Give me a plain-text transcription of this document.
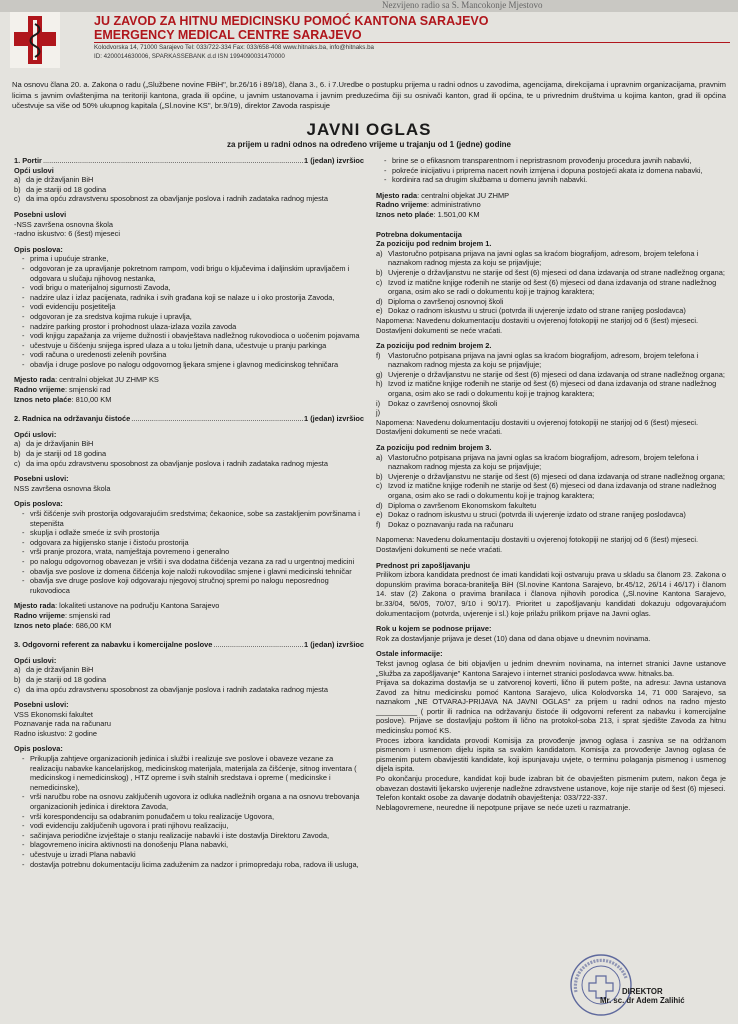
Nezvijeno radio sa S. Mancokonje Mjestovo
JU ZAVOD ZA HITNU MEDICINSKU POMOĆ KANTONA SARAJEVO
EMERGENCY MEDICAL CENTRE SARAJEVO
Kolodvorska 14, 71000 Sarajevo Tel: 033/722-334 Fax: 033/658-408 www.hitnaks.ba, info@hitnaks.ba
ID: 4200014630006, SPARKASSEBANK d.d ISN 1994090031470000
Na osnovu člana 20. a. Zakona o radu („Službene novine FBiH", br.26/16 i 89/18), člana 3., 6. i 7.Uredbe o postupku prijema u radni odnos u zavodima, agencijama, direkcijama i upravnim organizacijama, pravnim licima s javnim ovlaštenjima na teritoriji kantona, grada ili općine, u javnim ustanovama i javnim preduzećima čiji su osnivači kanton, grad ili općina, te u privrednim društvima u kojima kanton, grad ili općina učestvuje sa više od 50% ukupnog kapitala („Sl.novine KS", br.9/19), direktor Zavoda raspisuje
JAVNI OGLAS
za prijem u radni odnos na određeno vrijeme u trajanju od 1 (jedne) godine
1. Portir .....	1 (jedan) izvršioc

Opći uslovi

a) da je državljanin BiH
b) da je stariji od 18 godina
c) da ima opću zdravstvenu sposobnost za obavljanje poslova i radnih zadataka radnog mjesta

Posebni uslovi

-NSS završena osnovna škola

-radno iskustvo: 6 (šest) mjeseci

Opis poslova:

- prima i upućuje stranke,
- odgovoran je za upravljanje pokretnom rampom, vodi brigu o ključevima i daljinskim upravljačem i odgovara u slučaju njihovog nestanka,
- vodi brigu o materijalnoj sigurnosti Zavoda,
- nadzire ulaz i izlaz pacijenata, radnika i svih građana koji se nalaze u i oko prostorija Zavoda,
- vodi evidenciju posjetitelja
- odgovoran je za sredstva kojima rukuje i upravlja,
- nadzire parking prostor i prohodnost ulaza-izlaza vozila zavoda
- vodi knjigu zapažanja za vrijeme dužnosti i obavještava nadležnog rukovodioca o uočenim pojavama
- učestvuje u čišćenju snijega ispred ulaza a u toku ljetnih dana, učestvuje u pranju parkinga
- vodi računa o uredenosti zelenih površina
- obavlja i druge poslove po nalogu odgovornog ljekara smjene i glavnog medicinskog tehničara

Mjesto rada: centralni objekat JU ZHMP KS

Radno vrijeme: smjenski rad

Iznos neto plaće: 810,00 KM

2. Radnica na održavanju čistoće .....	1 (jedan) izvršioc

Opći uslovi:

a) da je državljanin BiH
b) da je stariji od 18 godina
c) da ima opću zdravstvenu sposobnost za obavljanje poslova i radnih zadataka radnog mjesta

Posebni uslovi:

NSS završena osnovna škola

Opis poslova:

- vrši čišćenje svih prostorija odgovarajućim sredstvima; čekaonice, sobe sa zastakljenim površinama i stepeništa
- skuplja i odlaže smeće iz svih prostorija
- odgovara za higijensko stanje i čistoću prostorija
- vrši pranje prozora, vrata, namještaja povremeno i generalno
- po nalogu odgovornog obavezan je vršiti i sva dodatna čišćenja vezana za rad u urgentnoj medicini
- obavlja sve poslove iz domena čišćenja koje naloži rukovodilac smjene i glavni medicinski tehničar
- obavlja sve druge poslove koji odgovaraju njegovoj stručnoj spremi po nalogu neposrednog rukovodioca

Mjesto rada: lokaliteti ustanove na području Kantona Sarajevo

Radno vrijeme: smjenski rad

Iznos neto plaće: 686,00 KM

3. Odgovorni referent za nabavku i komercijalne poslove .....	1 (jedan) izvršioc

Opći uslovi:

a) da je državljanin BiH
b) da je stariji od 18 godina
c) da ima opću zdravstvenu sposobnost za obavljanje poslova i radnih zadataka radnog mjesta

Posebni uslovi:

VSS Ekonomski fakultet

Poznavanje rada na računaru

Radno iskustvo: 2 godine

Opis poslova:

- Prikuplja zahtjeve organizacionih jedinica i službi i realizuje sve poslove i obaveze vezane za realizaciju nabavke kancelarijskog, medicinskog materijala, materijala za čišćenje, sitnog inventara ( medicinskog i nemedicinskog) , HTZ opreme i svih stalnih sredstava i opreme ( medicinske i nemedicinske),
- vrši naručbu robe na osnovu zaključenih ugovora iz odluka nadležnih organa a na osnovu trebovanja organizacionih jedinica i direktora Zavoda,
- vrši korespondenciju sa odabranim ponuđačem u toku realizacije Ugovora,
- vodi evidenciju zaključenih ugovora i prati njihovu realizaciju,
- sačinjava periodične izvještaje o stanju realizacije nabavki i iste dostavlja Direktoru Zavoda,
- blagovremeno inicira aktivnosti na donošenju Plana nabavki,
- učestvuje u izradi Plana nabavki
- dostavlja potrebnu dokumentaciju licima zaduženim za nadzor i primopredaju roba, radova ili usluga,
- brine se o efikasnom transparentnom i nepristrasnom provođenju procedura javnih nabavki,
- pokreće inicijativu i priprema nacert novih izmjena i dopuna postojeći akata iz domena nabavki,
- kordinira rad sa drugim službama u domenu javnih nabavki.

Mjesto rada: centralni objekat JU ZHMP

Radno vrijeme: administrativno

Iznos neto plaće: 1.501,00 KM

Potrebna dokumentacija

Za poziciju pod rednim brojem 1.

a) Vlastoručno potpisana prijava na javni oglas sa kraćom biografijom, adresom, brojem telefona i naznakom radnog mjesta za koju se prijavljuje;
b) Uvjerenje o državljanstvu ne starije od šest (6) mjeseci od dana izdavanja od strane nadležnog organa;
c) Izvod iz matične knjige rođenih ne starije od šest (6) mjeseci od dana izdavanja od strane nadležnog organa, osim ako se radi o dokumentu koji je trajnog karaktera;
d) Diploma o završenoj osnovnoj školi
e) Dokaz o radnom iskustvu u struci (potvrda ili uvjerenje izdato od strane ranijeg poslodavca)

Napomena: Navedenu dokumentaciju dostaviti u ovjerenoj fotokopiji ne starijoj od 6 (šest) mjeseci. Dostavljeni dokumenti se neće vraćati.

Za poziciju pod rednim brojem 2.

f) Vlastoručno potpisana prijava na javni oglas sa kraćom biografijom, adresom, brojem telefona i naznakom radnog mjesta za koju se prijavljuje;
g) Uvjerenje o državljanstvu ne starije od šest (6) mjeseci od dana izdavanja od strane nadležnog organa;
h) Izvod iz matične knjige rođenih ne starije od šest (6) mjeseci od dana izdavanja od strane nadležnog organa, osim ako se radi o dokumentu koji je trajnog karaktera;
i) Dokaz o završenoj osnovnoj školi
j)

Napomena: Navedenu dokumentaciju dostaviti u ovjerenoj fotokopiji ne starijoj od 6 (šest) mjeseci. Dostavljeni dokumenti se neće vraćati.

Za poziciju pod rednim brojem 3.

a) Vlastoručno potpisana prijava na javni oglas sa kraćom biografijom, adresom, brojem telefona i naznakom radnog mjesta za koju se prijavljuje;
b) Uvjerenje o državljanstvu ne starije od šest (6) mjeseci od dana izdavanja od strane nadležnog organa;
c) Izvod iz matične knjige rođenih ne starije od šest (6) mjeseci od dana izdavanja od strane nadležnog organa, osim ako se radi o dokumentu koji je trajnog karaktera;
d) Diploma o završenom Ekonomskom fakultetu
e) Dokaz o radnom iskustvu u struci (potvrda ili uvjerenje izdato od strane ranijeg poslodavca)
f) Dokaz o poznavanju rada na računaru

Napomena: Navedenu dokumentaciju dostaviti u ovjerenoj fotokopiji ne starijoj od 6 (šest) mjeseci. Dostavljeni dokumenti se neće vraćati.

Prednost pri zapošljavanju

Prilikom izbora kandidata prednost će imati kandidati koji ostvaruju prava u skladu sa članom 23. Zakona o dopunskim pravima boraca-branitelja BiH (Sl.novine Kantona Sarajevo, br.45/12, 26/14 i 46/17) i članom 14. stav (2) Zakona o pravima branilaca i članova njihovih porodica („Sl.novine Kantona Sarajevo, br.33/04, 56/05, 70/07, 9/10 i 90/17). Prioritet u zapošljavanju kandidati dokazuju odgovarajućom dokumentacijom (potvrda, uvjerenje i sl.) koje prilažu prilikom prijave na Javni oglas.

Rok u kojem se podnose prijave:

Rok za dostavljanje prijava je deset (10) dana od dana objave u dnevnim novinama.

Ostale informacije:

Tekst javnog oglasa će biti objavljen u jednim dnevnim novinama, na internet stranici Javne ustanove „Služba za zapošljavanje" Kantona Sarajevo i internet stranici poslodavca www. hitnaks.ba.

Prijava sa dokazima dostavlja se u zatvorenoj koverti, lično ili putem pošte, na adresu: Javna ustanova Zavod za hitnu medicinsku pomoć Kantona Sarajevo, ulica Kolodvorska 14, 71 000 Sarajevo, sa naznakom „NE OTVARAJ-PRIJAVA NA JAVNI OGLAS" za prijem u radni odnos na radno mjesto __________ ( portir ili radnica na održavanju čistoće ili odgovorni referent za nabavku i komercijalne poslove). Prijave se dostavljaju poštom ili lično na protokol-soba 213, i sprat sjedište Zavoda za hitnu medicinsku pomoć KS.

Proces izbora kandidata provodi Komisija za provođenje javnog oglasa i zasniva se na održanom pismenom i usmenom dijelu ispita sa svakim kandidatom. Komisija za provođenje Javnog oglasa će pismenim putem obavijestiti kandidate, koji ispunjavaju uvjete, o terminu polaganja pismenog i usmenog dijela ispita.

Po okončanju procedure, kandidat koji bude izabran bit će obavješten pismenim putem, nakon čega je obavezan dostaviti ljekarsko uvjerenje nadležne zdravstvene ustanove, koje nije starije od šest (6) mjeseci.

Telefon kontakt osobe za davanje dodatnih obavještenja: 033/722-337.

Neblagovremene, neuredne ili nepotpune prijave se neće uzeti u razmatranje.

DIREKTOR
Mr. sc. dr Adem Zalihić
